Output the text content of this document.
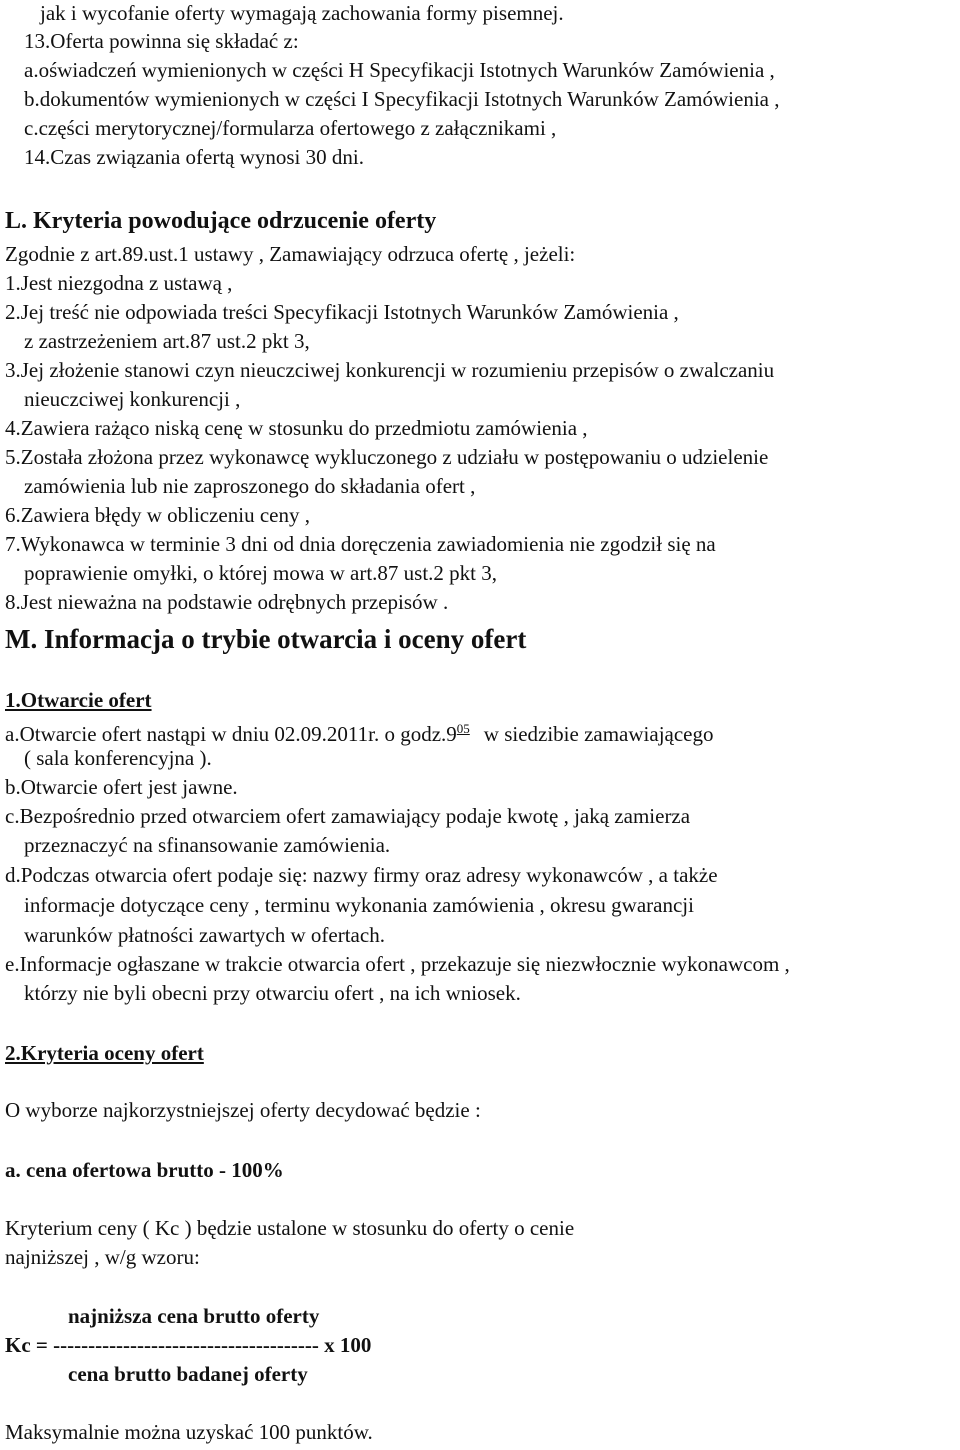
jak i wycofanie oferty wymagają zachowania formy pisemnej.
13.Oferta powinna się składać z:
a.oświadczeń wymienionych w części H Specyfikacji Istotnych Warunków Zamówienia ,
b.dokumentów wymienionych w części I Specyfikacji Istotnych Warunków Zamówienia ,
c.części merytorycznej/formularza ofertowego z załącznikami ,
14.Czas związania ofertą wynosi 30 dni.
L. Kryteria powodujące odrzucenie oferty
Zgodnie z art.89.ust.1 ustawy , Zamawiający odrzuca ofertę , jeżeli:
1.Jest niezgodna z ustawą ,
2.Jej treść nie odpowiada treści Specyfikacji Istotnych Warunków Zamówienia ,
z zastrzeżeniem art.87 ust.2 pkt 3,
3.Jej złożenie stanowi czyn nieuczciwej konkurencji w rozumieniu przepisów o zwalczaniu
nieuczciwej konkurencji ,
4.Zawiera rażąco niską cenę w stosunku do przedmiotu zamówienia ,
5.Została złożona przez wykonawcę wykluczonego z udziału w postępowaniu o udzielenie
zamówienia lub nie zaproszonego do składania ofert ,
6.Zawiera błędy w obliczeniu ceny ,
7.Wykonawca w terminie 3 dni od dnia doręczenia zawiadomienia nie zgodził się na
poprawienie omyłki, o której mowa w art.87 ust.2 pkt 3,
8.Jest nieważna na podstawie odrębnych przepisów .
M. Informacja o trybie otwarcia i oceny ofert
1.Otwarcie ofert
a.Otwarcie ofert nastąpi w dniu 02.09.2011r. o $godz.9^{05}$ w siedzibie zamawiającego
( sala konferencyjna ).
b.Otwarcie ofert jest jawne.
c.Bezpośrednio przed otwarciem ofert zamawiający podaje kwotę , jaką zamierza
przeznaczyć na sfinansowanie zamówienia.
d.Podczas otwarcia ofert podaje się: nazwy firmy oraz adresy wykonawców , a także
informacje dotyczące ceny , terminu wykonania zamówienia , okresu gwarancji
warunków płatności zawartych w ofertach.
e.Informacje ogłaszane w trakcie otwarcia ofert , przekazuje się niezwłocznie wykonawcom ,
którzy nie byli obecni przy otwarciu ofert , na ich wniosek.
2.Kryteria oceny ofert
O wyborze najkorzystniejszej oferty decydować będzie :
a. cena ofertowa brutto - 100%
Kryterium ceny ( Kc ) będzie ustalone w stosunku do oferty o cenie
najniższej , w/g wzoru:
najniższa cena brutto oferty
Kc = -------------------------------------- x 100
cena brutto badanej oferty
Maksymalnie można uzyskać 100 punktów.
